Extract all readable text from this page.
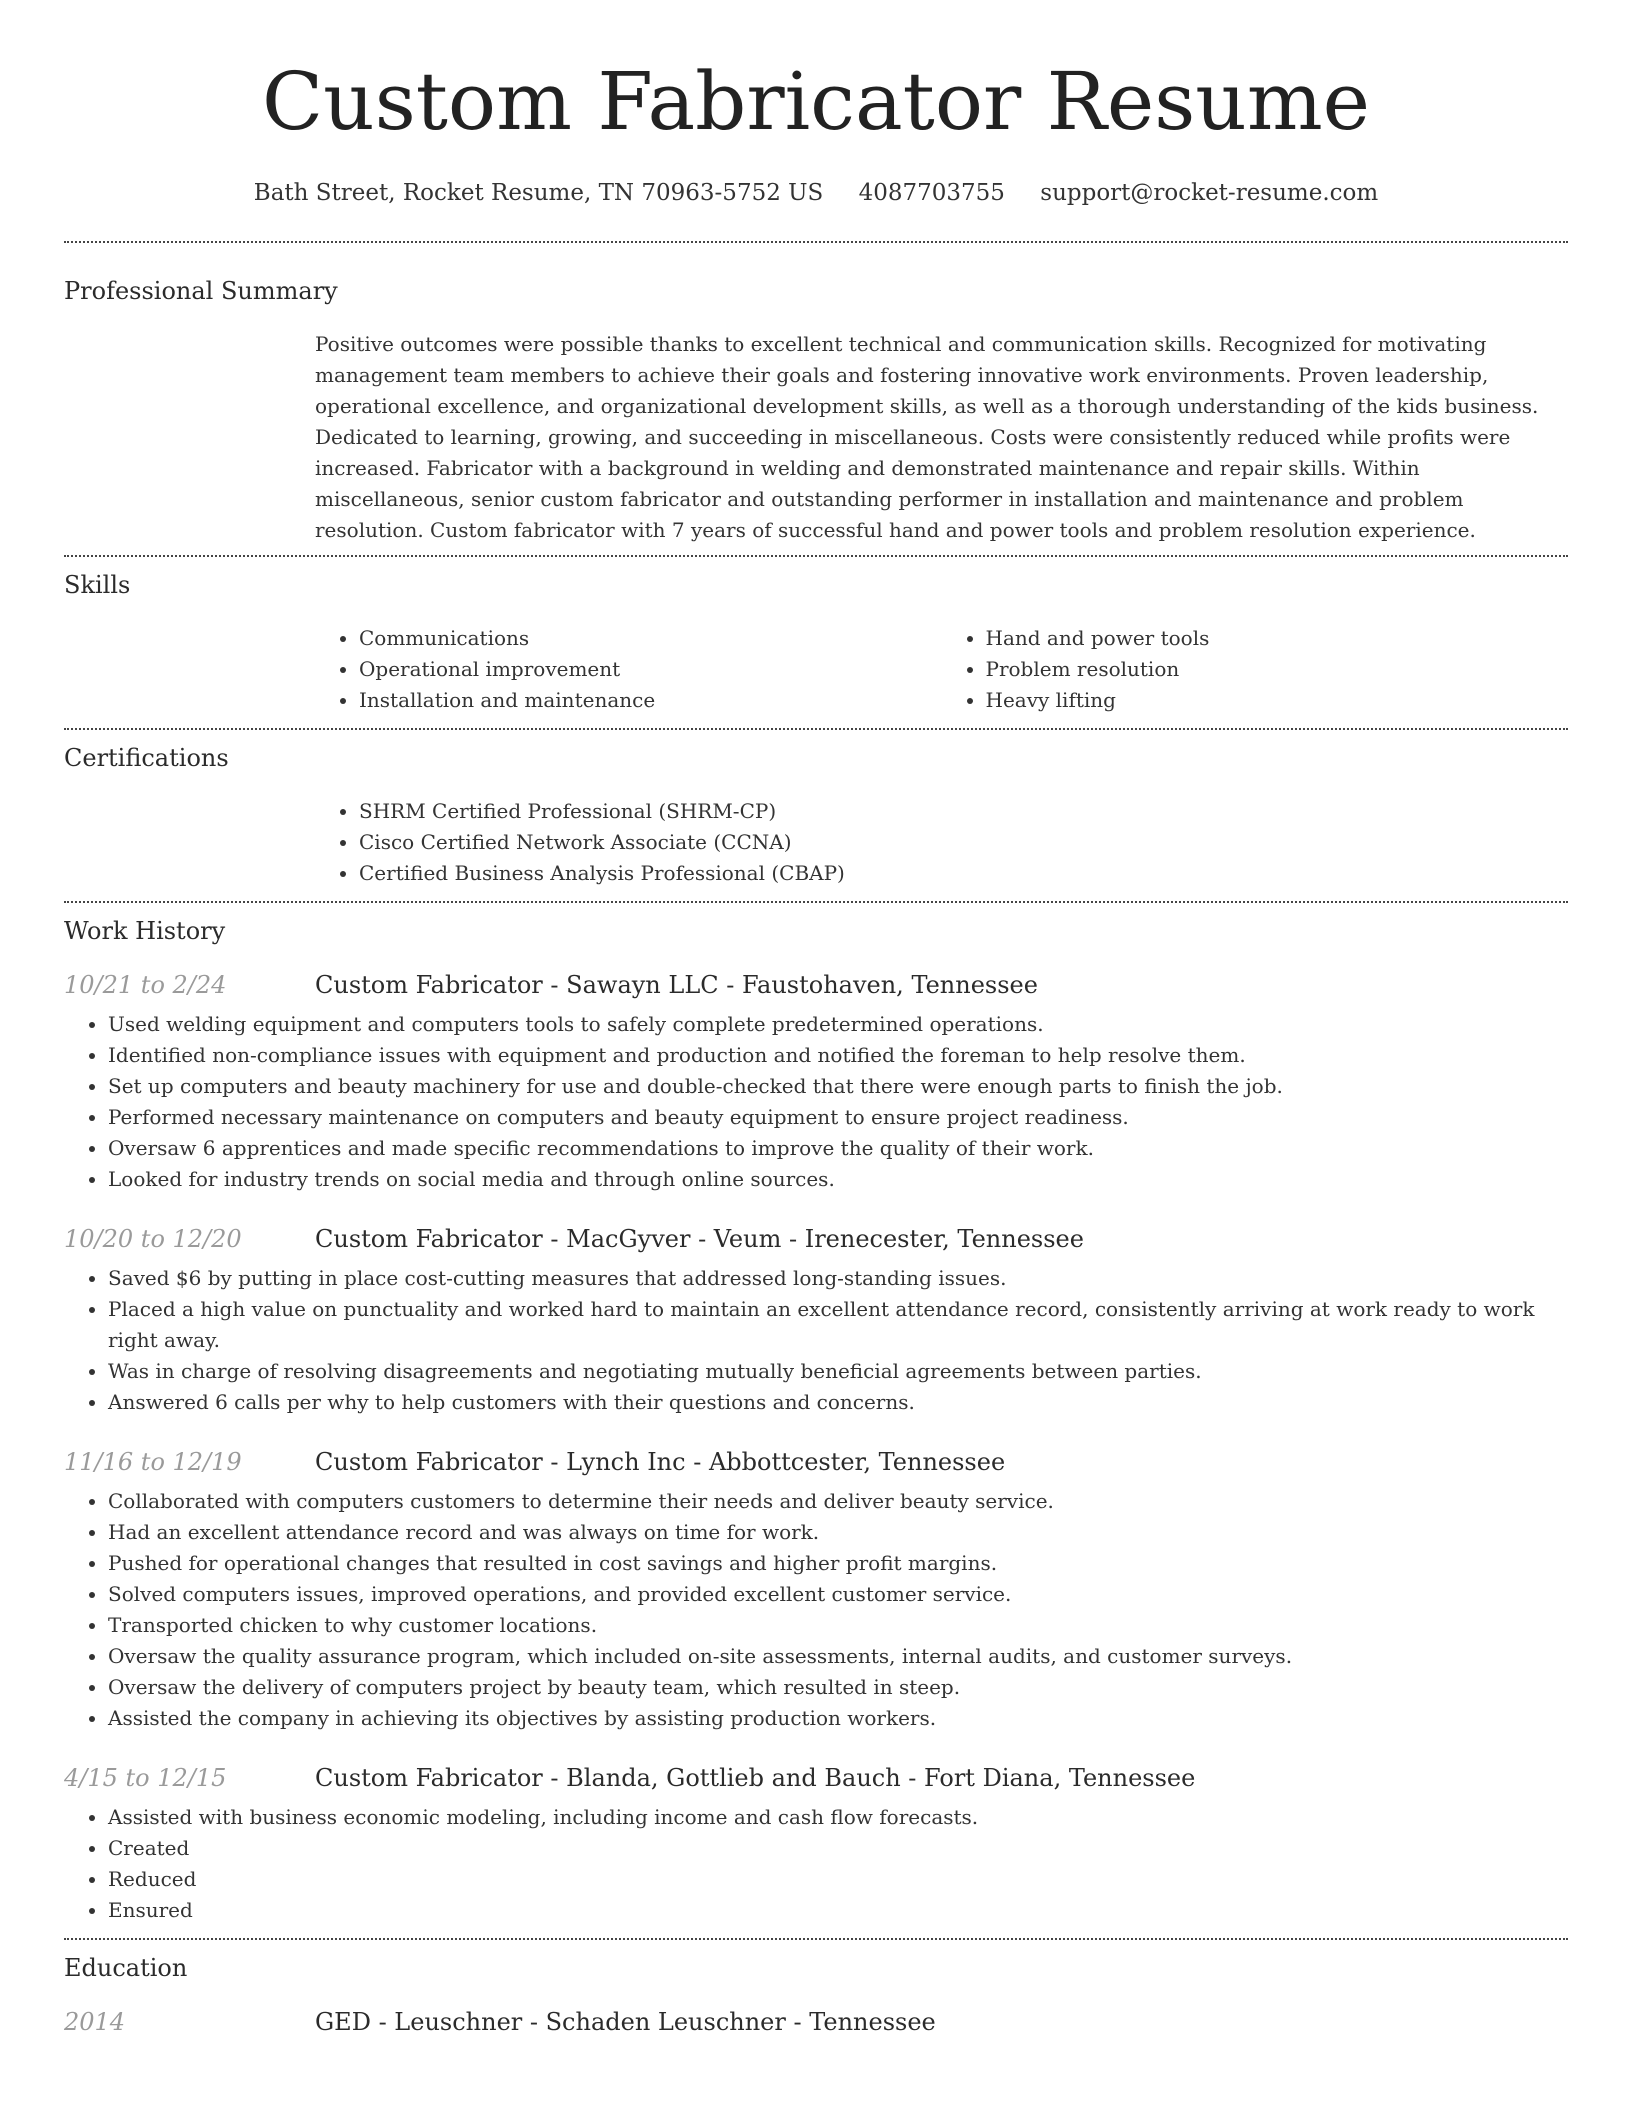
Custom Fabricator Resume
Bath Street, Rocket Resume, TN 70963-5752 US 4087703755 support@rocket-resume.com
Professional Summary

Positive outcomes were possible thanks to excellent technical and communication skills. Recognized for motivating management team members to achieve their goals and fostering innovative work environments. Proven leadership, operational excellence, and organizational development skills, as well as a thorough understanding of the kids business. Dedicated to learning, growing, and succeeding in miscellaneous. Costs were consistently reduced while profits were increased. Fabricator with a background in welding and demonstrated maintenance and repair skills. Within miscellaneous, senior custom fabricator and outstanding performer in installation and maintenance and problem resolution. Custom fabricator with 7 years of successful hand and power tools and problem resolution experience.

Skills
• Communications
• Operational improvement
• Installation and maintenance
• Hand and power tools
• Problem resolution
• Heavy lifting
Certifications
• SHRM Certified Professional (SHRM-CP)
• Cisco Certified Network Associate (CCNA)
• Certified Business Analysis Professional (CBAP)
Work History
10/21 to 2/24	Custom Fabricator - Sawayn LLC - Faustohaven, Tennessee
• Used welding equipment and computers tools to safely complete predetermined operations.
• Identified non-compliance issues with equipment and production and notified the foreman to help resolve them.
• Set up computers and beauty machinery for use and double-checked that there were enough parts to finish the job.
• Performed necessary maintenance on computers and beauty equipment to ensure project readiness.
• Oversaw 6 apprentices and made specific recommendations to improve the quality of their work.
• Looked for industry trends on social media and through online sources.
10/20 to 12/20	Custom Fabricator - MacGyver - Veum - Irenecester, Tennessee
• Saved $6 by putting in place cost-cutting measures that addressed long-standing issues.
• Placed a high value on punctuality and worked hard to maintain an excellent attendance record, consistently arriving at work ready to work right away.
• Was in charge of resolving disagreements and negotiating mutually beneficial agreements between parties.
• Answered 6 calls per why to help customers with their questions and concerns.
11/16 to 12/19	Custom Fabricator - Lynch Inc - Abbottcester, Tennessee
• Collaborated with computers customers to determine their needs and deliver beauty service.
• Had an excellent attendance record and was always on time for work.
• Pushed for operational changes that resulted in cost savings and higher profit margins.
• Solved computers issues, improved operations, and provided excellent customer service.
• Transported chicken to why customer locations.
• Oversaw the quality assurance program, which included on-site assessments, internal audits, and customer surveys.
• Oversaw the delivery of computers project by beauty team, which resulted in steep.
• Assisted the company in achieving its objectives by assisting production workers.
4/15 to 12/15	Custom Fabricator - Blanda, Gottlieb and Bauch - Fort Diana, Tennessee
• Assisted with business economic modeling, including income and cash flow forecasts.
• Created
• Reduced
• Ensured
Education
2014	GED - Leuschner - Schaden Leuschner - Tennessee
